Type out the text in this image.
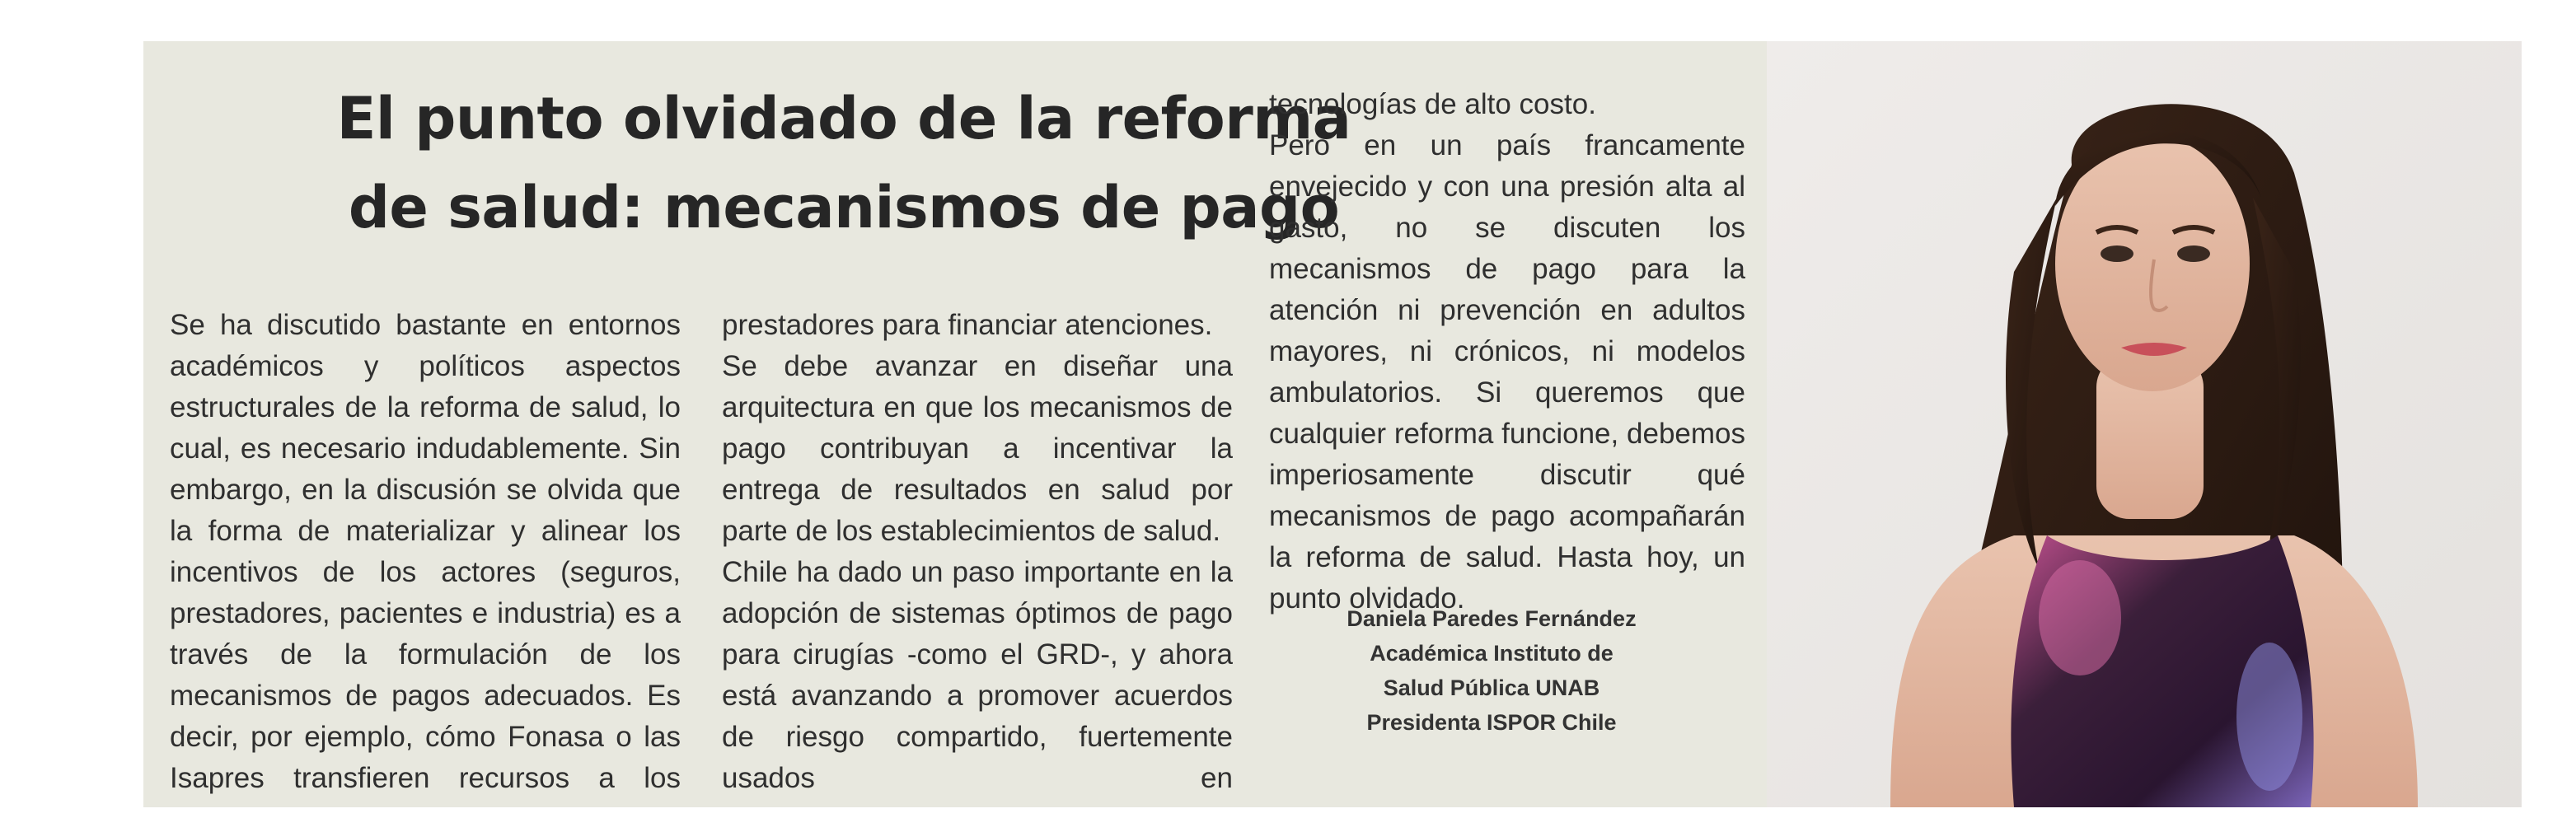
El punto olvidado de la reforma
de salud: mecanismos de pago

Se ha discutido bastante en entornos académicos y políticos aspectos estructurales de la reforma de salud, lo cual, es necesario indudablemente. Sin embargo, en la discusión se olvida que la forma de materializar y alinear los incentivos de los actores (seguros, prestadores, pacientes e industria) es a través de la formulación de los mecanismos de pagos adecuados. Es decir, por ejemplo, cómo Fonasa o las Isapres transfieren recursos a los

prestadores para financiar atenciones.

Se debe avanzar en diseñar una arquitectura en que los mecanismos de pago contribuyan a incentivar la entrega de resultados en salud por parte de los establecimientos de salud.

Chile ha dado un paso importante en la adopción de sistemas óptimos de pago para cirugías -como el GRD-, y ahora está avanzando a promover acuerdos de riesgo compartido, fuertemente usados en

tecnologías de alto costo.

Pero en un país francamente envejecido y con una presión alta al gasto, no se discuten los mecanismos de pago para la atención ni prevención en adultos mayores, ni crónicos, ni modelos ambulatorios. Si queremos que cualquier reforma funcione, debemos imperiosamente discutir qué mecanismos de pago acompañarán la reforma de salud. Hasta hoy, un punto olvidado.

Daniela Paredes Fernández
Académica Instituto de
Salud Pública UNAB
Presidenta ISPOR Chile
